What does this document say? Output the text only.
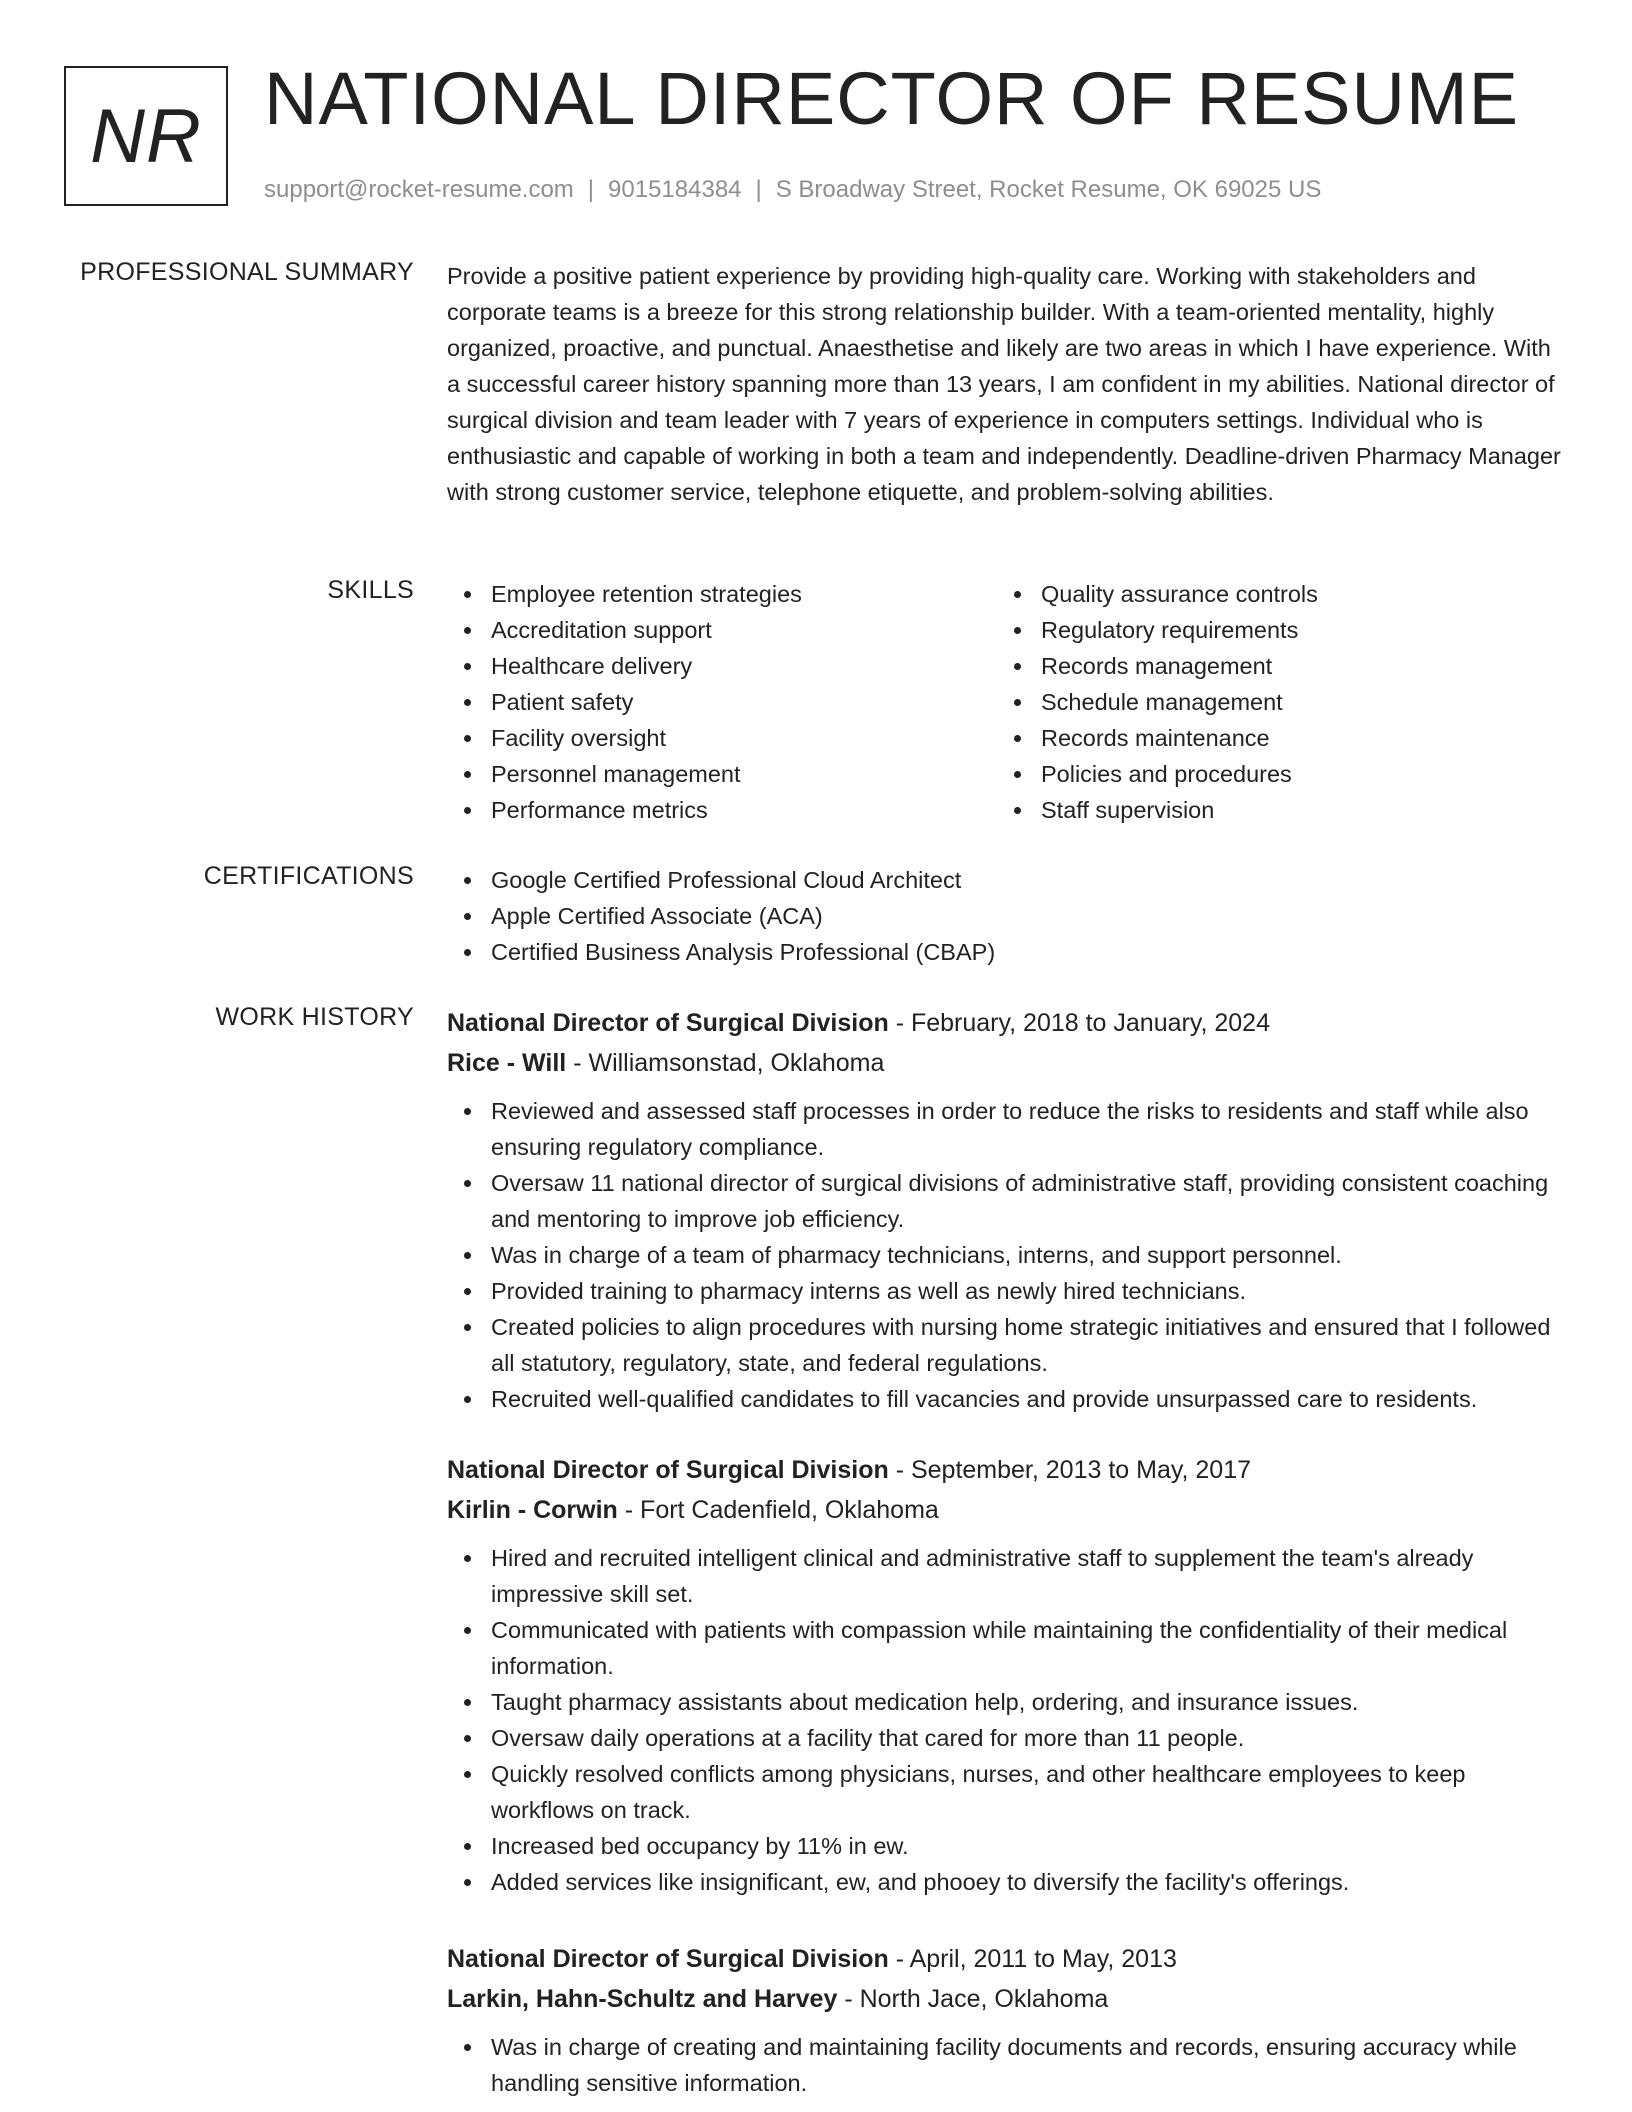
NR NATIONAL DIRECTOR OF RESUME
support@rocket-resume.com | 9015184384 | S Broadway Street, Rocket Resume, OK 69025 US
PROFESSIONAL SUMMARY Provide a positive patient experience by providing high-quality care. Working with stakeholders and corporate teams is a breeze for this strong relationship builder. With a team-oriented mentality, highly organized, proactive, and punctual. Anaesthetise and likely are two areas in which I have experience. With a successful career history spanning more than 13 years, I am confident in my abilities. National director of surgical division and team leader with 7 years of experience in computers settings. Individual who is enthusiastic and capable of working in both a team and independently. Deadline-driven Pharmacy Manager with strong customer service, telephone etiquette, and problem-solving abilities.

SKILLS	Employee retention strategies
Accreditation support
Healthcare delivery
Patient safety
Facility oversight
Personnel management
Performance metrics
Quality assurance controls
Regulatory requirements
Records management
Schedule management
Records maintenance
Policies and procedures
Staff supervision
CERTIFICATIONS	Google Certified Professional Cloud Architect
Apple Certified Associate (ACA)
Certified Business Analysis Professional (CBAP)
WORK HISTORY National Director of Surgical Division - February, 2018 to January, 2024
Rice - Will - Williamsonstad, Oklahoma
Reviewed and assessed staff processes in order to reduce the risks to residents and staff while also ensuring regulatory compliance.
Oversaw 11 national director of surgical divisions of administrative staff, providing consistent coaching and mentoring to improve job efficiency.
Was in charge of a team of pharmacy technicians, interns, and support personnel.
Provided training to pharmacy interns as well as newly hired technicians.
Created policies to align procedures with nursing home strategic initiatives and ensured that I followed all statutory, regulatory, state, and federal regulations.
Recruited well-qualified candidates to fill vacancies and provide unsurpassed care to residents.
National Director of Surgical Division - September, 2013 to May, 2017
Kirlin - Corwin - Fort Cadenfield, Oklahoma
Hired and recruited intelligent clinical and administrative staff to supplement the team's already impressive skill set.
Communicated with patients with compassion while maintaining the confidentiality of their medical information.
Taught pharmacy assistants about medication help, ordering, and insurance issues.
Oversaw daily operations at a facility that cared for more than 11 people.
Quickly resolved conflicts among physicians, nurses, and other healthcare employees to keep workflows on track.
Increased bed occupancy by 11% in ew.
Added services like insignificant, ew, and phooey to diversify the facility's offerings.
National Director of Surgical Division - April, 2011 to May, 2013
Larkin, Hahn-Schultz and Harvey - North Jace, Oklahoma
Was in charge of creating and maintaining facility documents and records, ensuring accuracy while handling sensitive information.
